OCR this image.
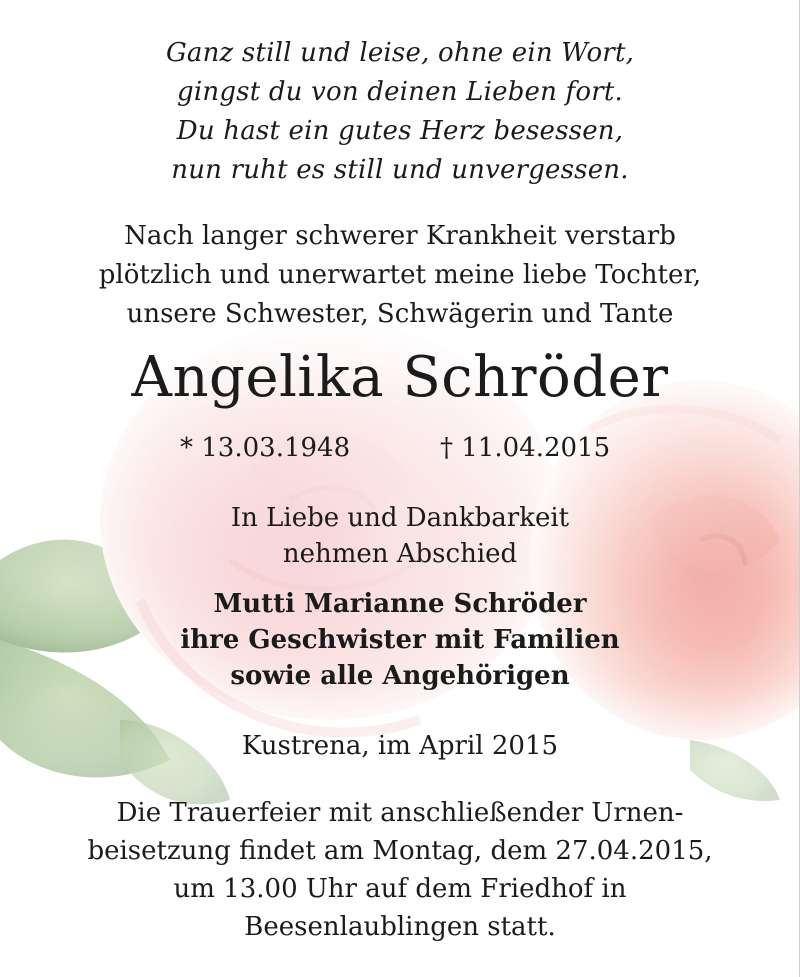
Ganz still und leise, ohne ein Wort,
gingst du von deinen Lieben fort.
Du hast ein gutes Herz besessen,
nun ruht es still und unvergessen.
Nach langer schwerer Krankheit verstarb
plötzlich und unerwartet meine liebe Tochter,
unsere Schwester, Schwägerin und Tante
Angelika Schröder
* 13.03.1948	† 11.04.2015
In Liebe und Dankbarkeit
nehmen Abschied
Mutti Marianne Schröder
ihre Geschwister mit Familien
sowie alle Angehörigen
Kustrena, im April 2015
Die Trauerfeier mit anschließender Urnen-
beisetzung findet am Montag, dem 27.04.2015,
um 13.00 Uhr auf dem Friedhof in
Beesenlaublingen statt.
